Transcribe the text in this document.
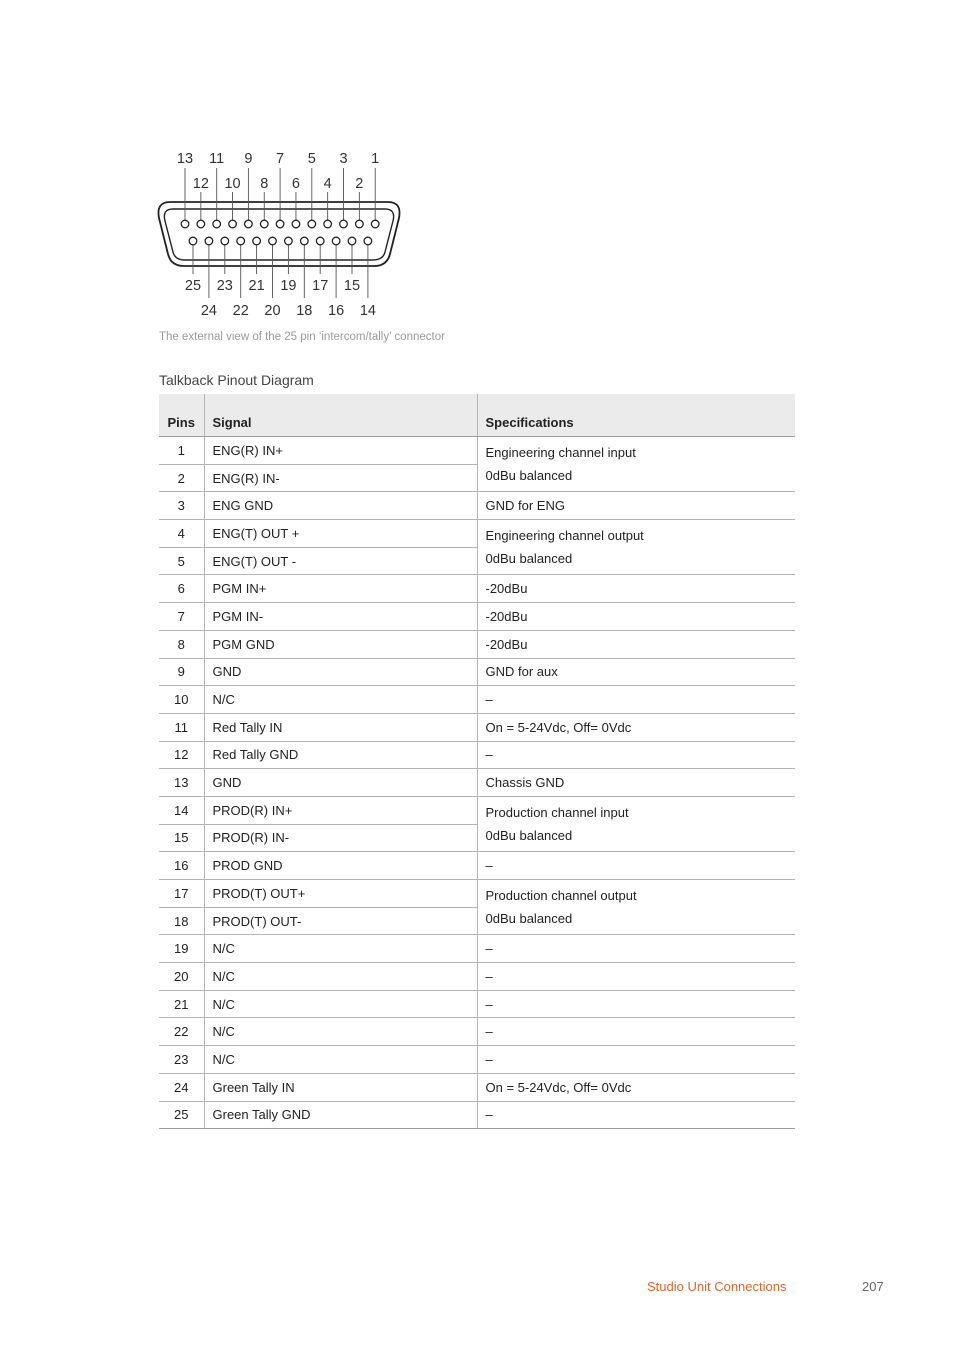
13 11 9 7 5 3 1
12 10 8 6 4 2
25 23 21 19 17 15
24 22 20 18 16 14
The external view of the 25 pin ‘intercom/tally’ connector
Talkback Pinout Diagram
Pins	Signal	Specifications
1	ENG(R) IN+	Engineering channel input
0dBu balanced

2	ENG(R) IN-	
3	ENG GND	GND for ENG

4	ENG(T) OUT +	Engineering channel output
0dBu balanced

5	ENG(T) OUT -	
6	PGM IN+	-20dBu

7	PGM IN-	-20dBu

8	PGM GND	-20dBu

9	GND	GND for aux

10	N/C	–

11	Red Tally IN	On = 5-24Vdc, Off= 0Vdc

12	Red Tally GND	–

13	GND	Chassis GND

14	PROD(R) IN+	Production channel input
0dBu balanced

15	PROD(R) IN-	
16	PROD GND	–

17	PROD(T) OUT+	Production channel output
0dBu balanced

18	PROD(T) OUT-	
19	N/C	–

20	N/C	–

21	N/C	–

22	N/C	–

23	N/C	–

24	Green Tally IN	On = 5-24Vdc, Off= 0Vdc

25	Green Tally GND	–
Studio Unit Connections	207
